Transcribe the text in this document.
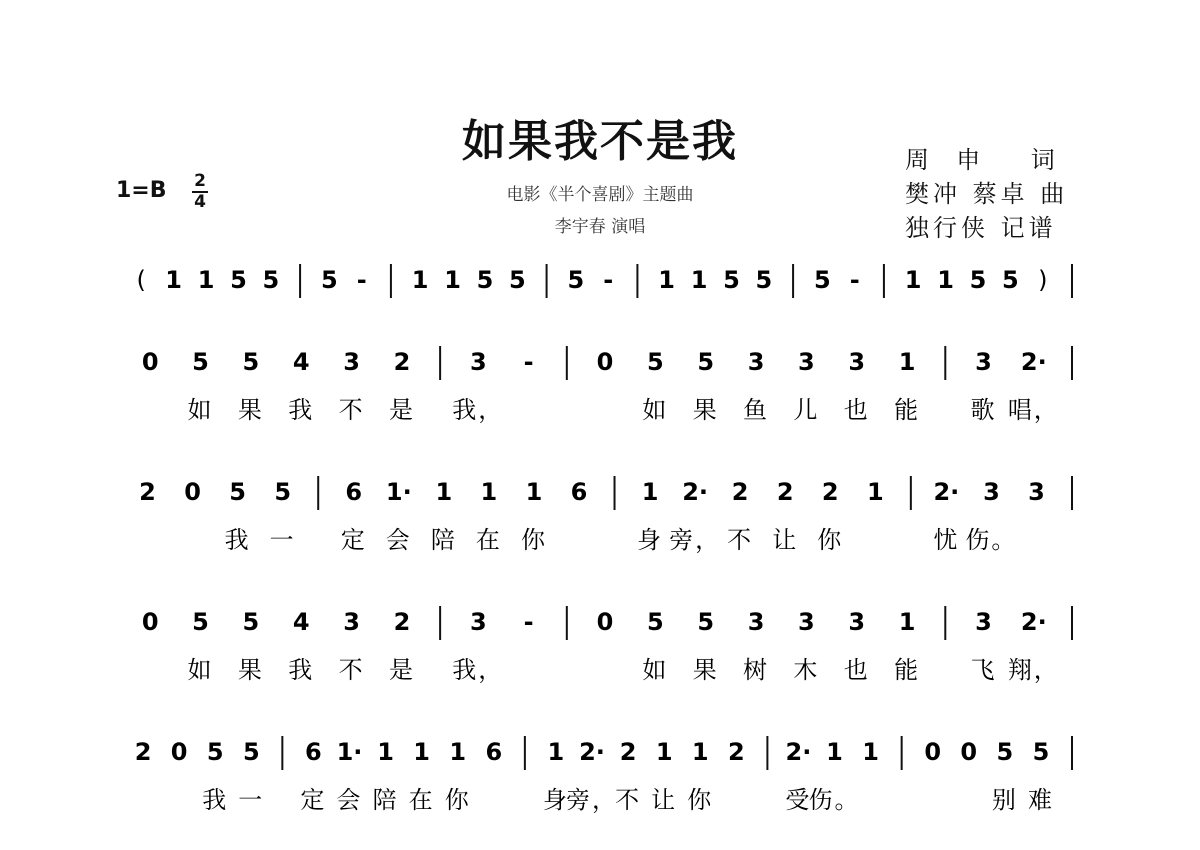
如果我不是我
电影《半个喜剧》主题曲
李宇春 演唱
周  申    词
樊冲 蔡卓 曲
独行侠 记谱
1=B 2
4
( 1 1 5 5 5 - 1 1 5 5 5 - 1 1 5 5 5 - 1 1 5 5 )
0 5
如
5
果
4
我
3
不
2
是
3
我，
-	0 5
如
5
果
3
鱼
3
儿
3
也
1
能
3
歌
2·
唱，
2 0 5
我
5
一
6
定
1·
会
1
陪
1
在
1
你
6 1
身
2·
旁，
2
不
2
让
2
你
1 2·
忧
3
伤。
3
0 5
如
5
果
4
我
3
不
2
是
3
我，
-	0 5
如
5
果
3
树
3
木
3
也
1
能
3
飞
2·
翔，
2 0 5
我
5
一
6
定
1·
会
1
陪
1
在
1
你
6 1
身
2·
旁，
2
不
1
让
1
你
2 2·
受
1
伤。
1 0 0 5
别
5
难
